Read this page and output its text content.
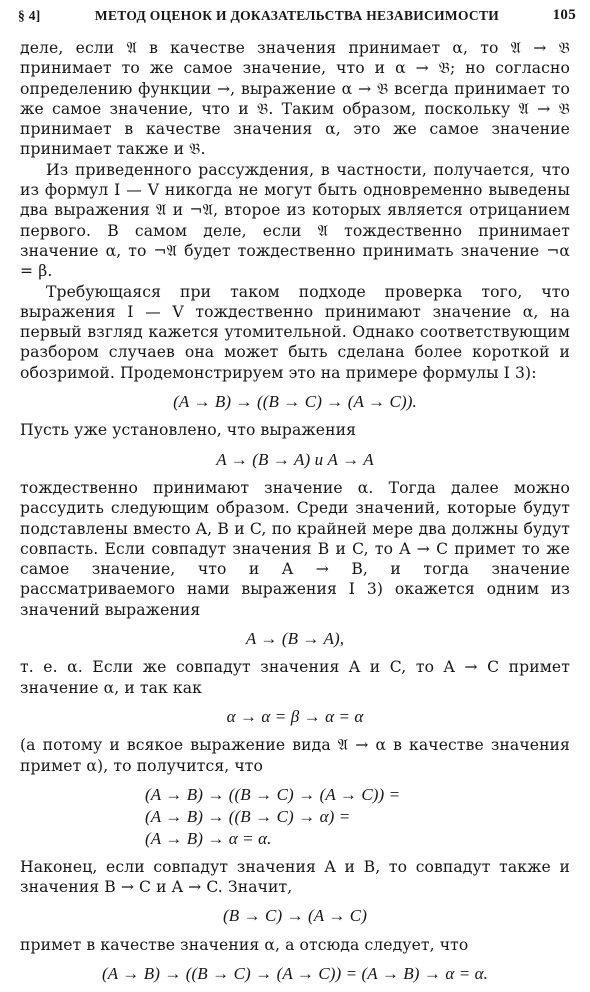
§ 4]	МЕТОД ОЦЕНОК И ДОКАЗАТЕЛЬСТВА НЕЗАВИСИМОСТИ	105

деле, если 𝔄 в качестве значения принимает α, то 𝔄 → 𝔅 принимает то же самое значение, что и α → 𝔅; но согласно определению функции →, выражение α → 𝔅 всегда принимает то же самое значение, что и 𝔅. Таким образом, поскольку 𝔄 → 𝔅 принимает в качестве значения α, это же самое значение принимает также и 𝔅.

Из приведенного рассуждения, в частности, получается, что из формул I — V никогда не могут быть одновременно выведены два выражения 𝔄 и ¬𝔄, второе из которых является отрицанием первого. В самом деле, если 𝔄 тождественно принимает значение α, то ¬𝔄 будет тождественно принимать значение ¬α = β.

Требующаяся при таком подходе проверка того, что выражения I — V тождественно принимают значение α, на первый взгляд кажется утомительной. Однако соответствующим разбором случаев она может быть сделана более короткой и обозримой. Продемонстрируем это на примере формулы I 3):

(A → B) → ((B → C) → (A → C)).

Пусть уже установлено, что выражения

A → (B → A) и A → A

тождественно принимают значение α. Тогда далее можно рассудить следующим образом. Среди значений, которые будут подставлены вместо A, B и C, по крайней мере два должны будут совпасть. Если совпадут значения B и C, то A → C примет то же самое значение, что и A → B, и тогда значение рассматриваемого нами выражения I 3) окажется одним из значений выражения

A → (B → A),

т. е. α. Если же совпадут значения A и C, то A → C примет значение α, и так как

α → α = β → α = α

(а потому и всякое выражение вида 𝔄 → α в качестве значения примет α), то получится, что

(A → B) → ((B → C) → (A → C)) =
(A → B) → ((B → C) → α) =
(A → B) → α = α.

Наконец, если совпадут значения A и B, то совпадут также и значения B → C и A → C. Значит,

(B → C) → (A → C)

примет в качестве значения α, а отсюда следует, что

(A → B) → ((B → C) → (A → C)) = (A → B) → α = α.
